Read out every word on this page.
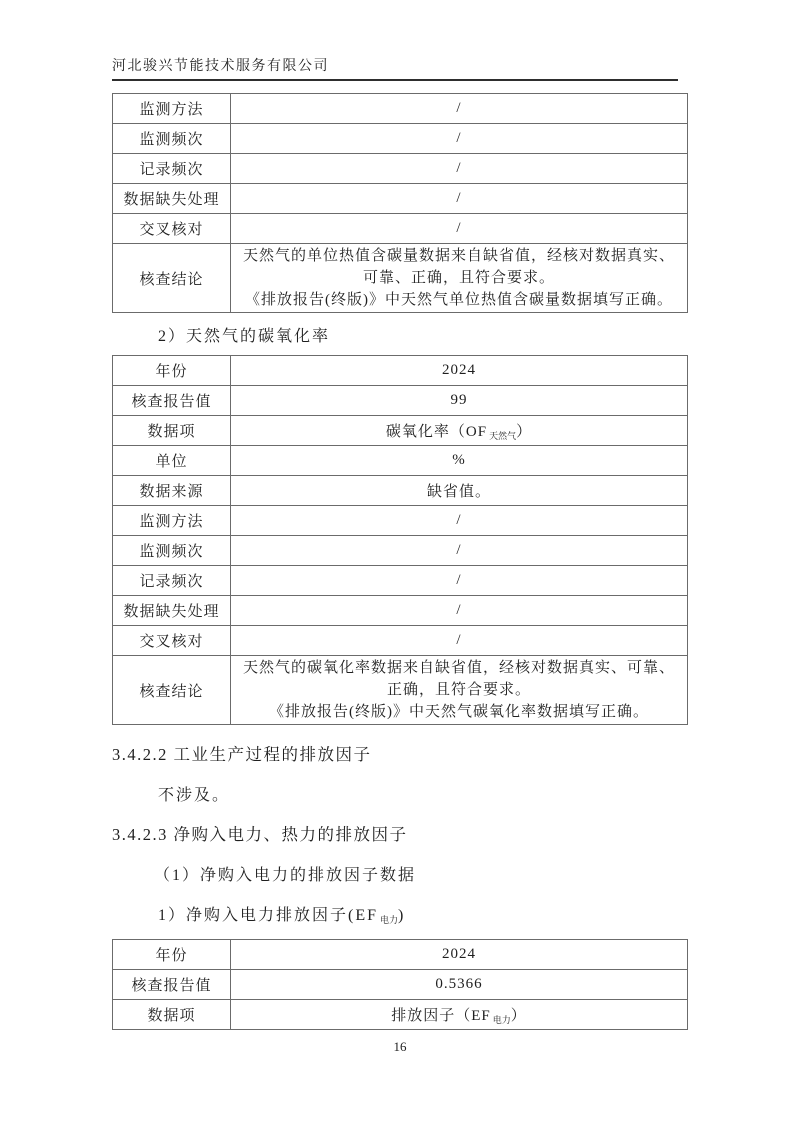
河北骏兴节能技术服务有限公司
监测方法	/
监测频次	/
记录频次	/
数据缺失处理	/
交叉核对	/
核查结论	天然气的单位热值含碳量数据来自缺省值，经核对数据真实、可靠、正确，且符合要求。
《排放报告(终版)》中天然气单位热值含碳量数据填写正确。
2）天然气的碳氧化率
年份	2024
核查报告值	99
数据项	碳氧化率（OF $_{天然气}$）
单位	%
数据来源	缺省值。
监测方法	/
监测频次	/
记录频次	/
数据缺失处理	/
交叉核对	/
核查结论	天然气的碳氧化率数据来自缺省值，经核对数据真实、可靠、正确，且符合要求。
《排放报告(终版)》中天然气碳氧化率数据填写正确。
3.4.2.2 工业生产过程的排放因子
不涉及。
3.4.2.3 净购入电力、热力的排放因子
（1）净购入电力的排放因子数据
1）净购入电力排放因子(EF $_{电力}$)
年份	2024
核查报告值	0.5366
数据项	排放因子（EF $_{电力}$）
16
